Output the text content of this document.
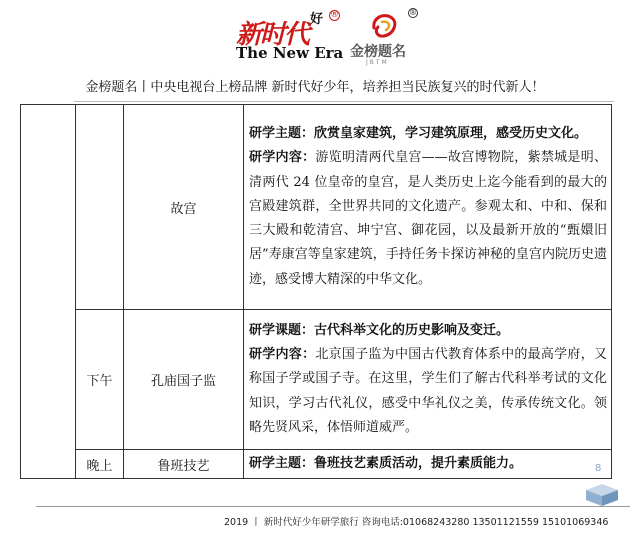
新时代
好 ®
The New Era
®
金榜题名
JBTM
金榜题名丨中央电视台上榜品牌 新时代好少年，培养担当民族复兴的时代新人！
		故宫	研学主题：欣赏皇家建筑，学习建筑原理，感受历史文化。
研学内容：游览明清两代皇宫——故宫博物院，紫禁城是明、清两代 24 位皇帝的皇宫，是人类历史上迄今能看到的最大的宫殿建筑群，全世界共同的文化遗产。参观太和、中和、保和三大殿和乾清宫、坤宁宫、御花园，以及最新开放的“甄嬛旧居”寿康宫等皇家建筑，手持任务卡探访神秘的皇宫内院历史遗迹，感受博大精深的中华文化。

	下午	孔庙国子监	研学课题：古代科举文化的历史影响及变迁。
研学内容：北京国子监为中国古代教育体系中的最高学府，又称国子学或国子寺。在这里，学生们了解古代科举考试的文化知识，学习古代礼仪，感受中华礼仪之美，传承传统文化。领略先贤风采，体悟师道威严。

	晚上	鲁班技艺	研学主题：鲁班技艺素质活动，提升素质能力。	8
2019 丨 新时代好少年研学旅行 咨询电话:01068243280 13501121559 15101069346
